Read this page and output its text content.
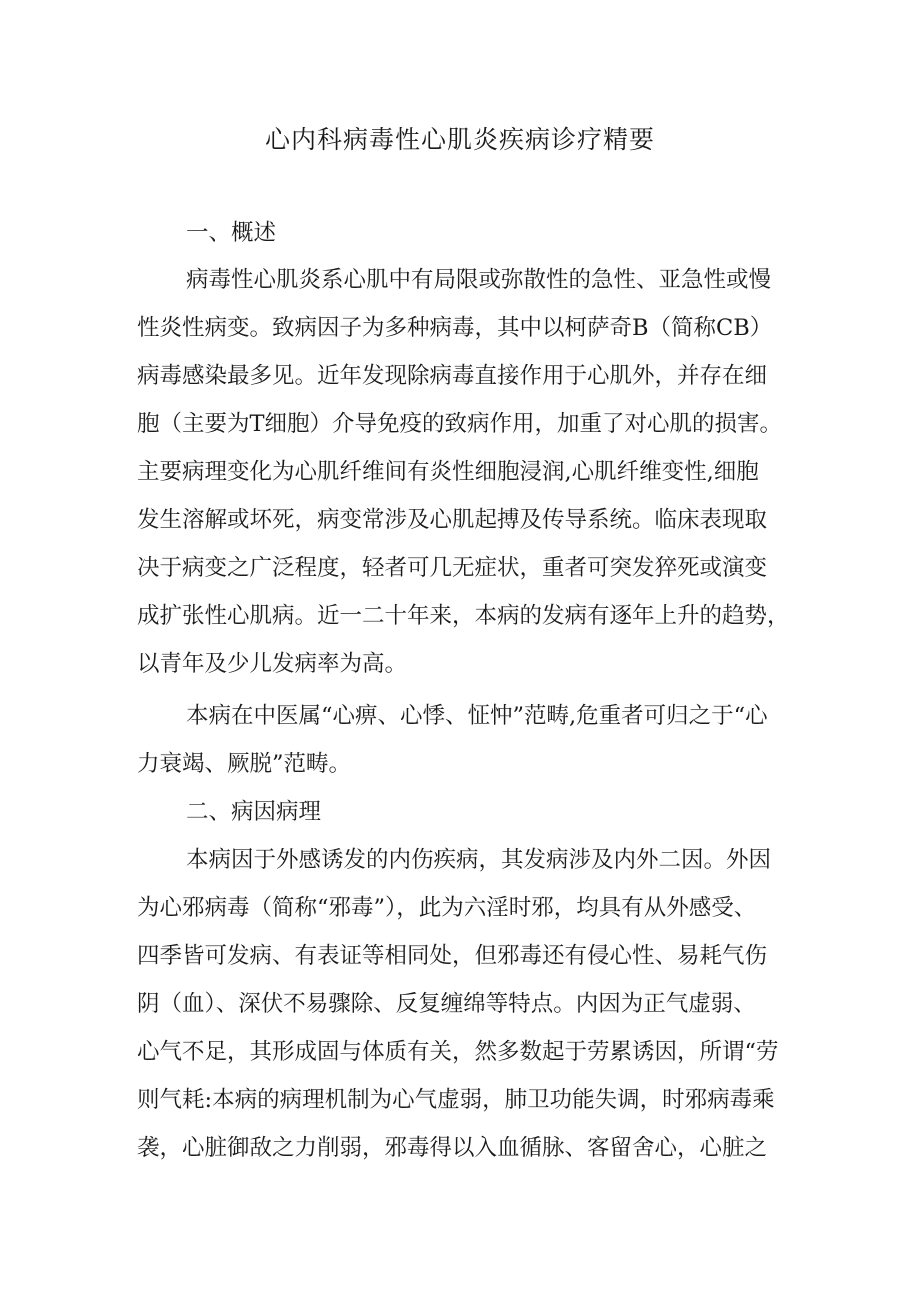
心内科病毒性心肌炎疾病诊疗精要

一、概述

病毒性心肌炎系心肌中有局限或弥散性的急性、亚急性或慢

性炎性病变。致病因子为多种病毒，其中以柯萨奇B（简称CB）

病毒感染最多见。近年发现除病毒直接作用于心肌外，并存在细

胞（主要为T细胞）介导免疫的致病作用，加重了对心肌的损害。

主要病理变化为心肌纤维间有炎性细胞浸润,心肌纤维变性,细胞

发生溶解或坏死，病变常涉及心肌起搏及传导系统。临床表现取

决于病变之广泛程度，轻者可几无症状，重者可突发猝死或演变

成扩张性心肌病。近一二十年来，本病的发病有逐年上升的趋势，

以青年及少儿发病率为高。

本病在中医属“心痹、心悸、怔忡”范畴,危重者可归之于“心

力衰竭、厥脱”范畴。

二、病因病理

本病因于外感诱发的内伤疾病，其发病涉及内外二因。外因

为心邪病毒（简称“邪毒”），此为六淫时邪，均具有从外感受、

四季皆可发病、有表证等相同处，但邪毒还有侵心性、易耗气伤

阴（血）、深伏不易骤除、反复缠绵等特点。内因为正气虚弱、

心气不足，其形成固与体质有关，然多数起于劳累诱因，所谓“劳

则气耗:本病的病理机制为心气虚弱，肺卫功能失调，时邪病毒乘

袭，心脏御敌之力削弱，邪毒得以入血循脉、客留舍心，心脏之
